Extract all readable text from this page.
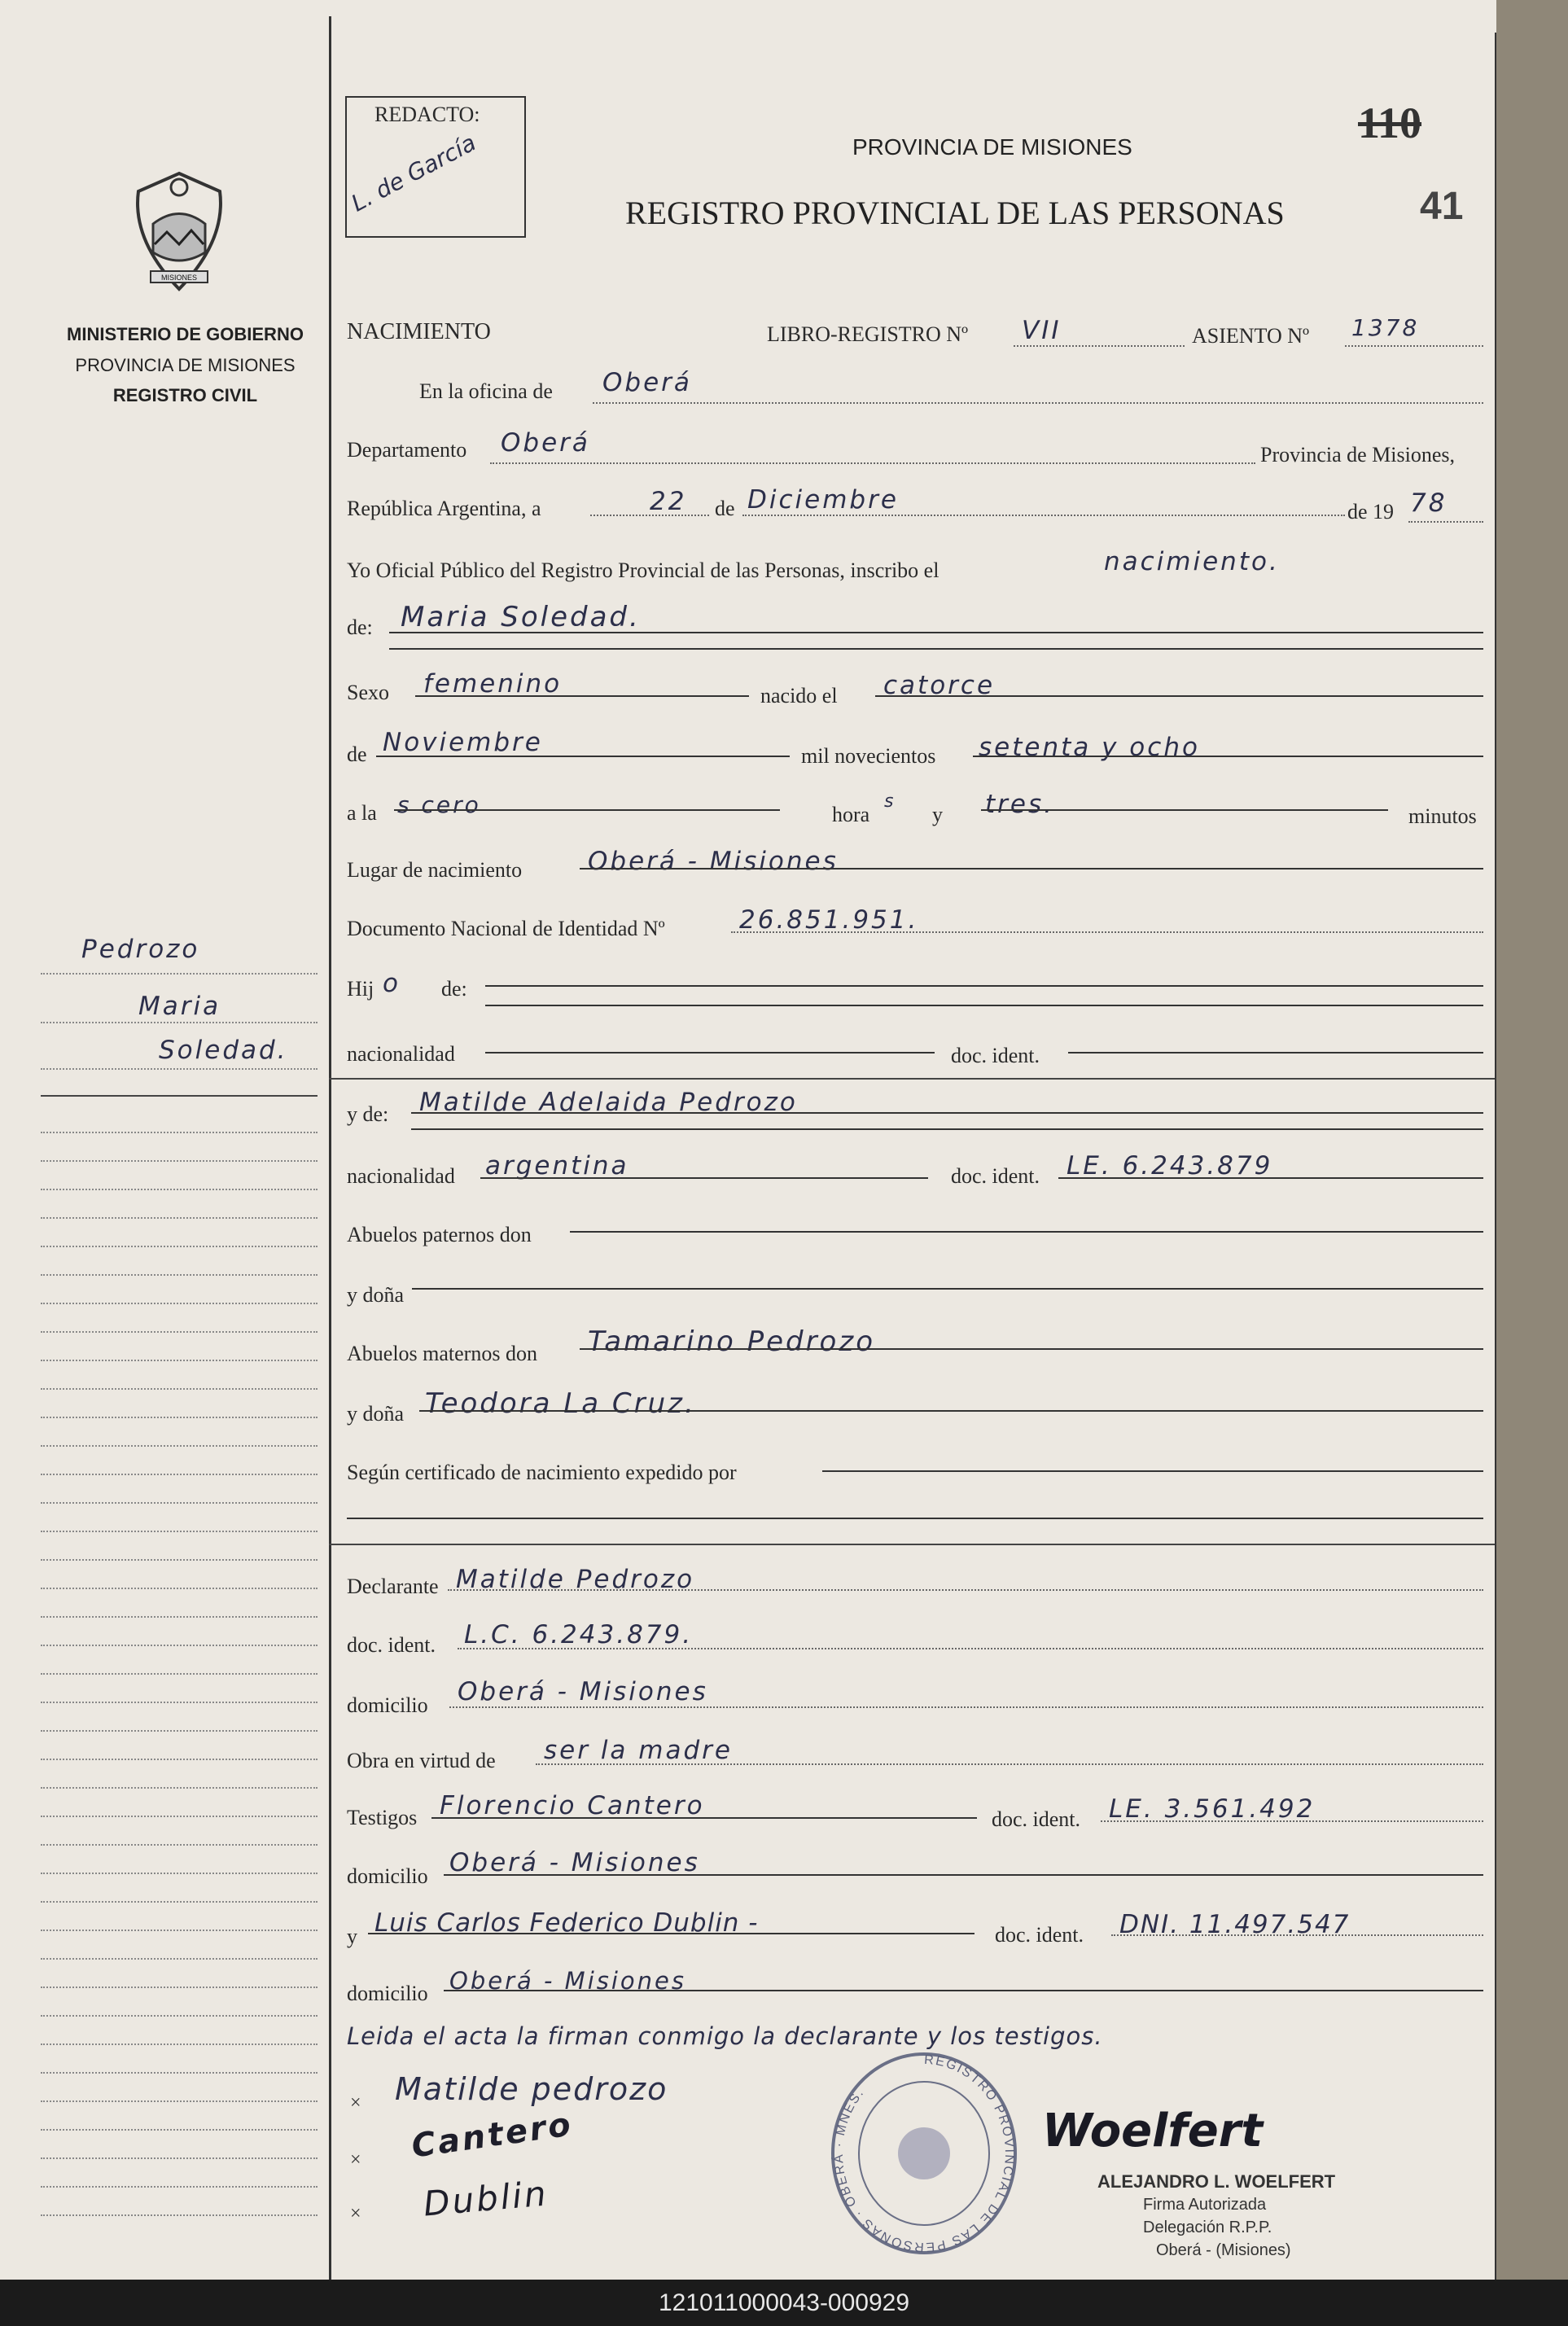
MISIONES
MINISTERIO DE GOBIERNO
PROVINCIA DE MISIONES
REGISTRO CIVIL
Pedrozo
Maria
Soledad.
REDACTO:
L. de García	PROVINCIA DE MISIONES
REGISTRO PROVINCIAL DE LAS PERSONAS
110
41
NACIMIENTO	LIBRO-REGISTRO Nº VII	ASIENTO Nº 1378
En la oficina de Oberá
Departamento Oberá	Provincia de Misiones,
República Argentina, a	22 de Diciembre	de 19 78
Yo Oficial Público del Registro Provincial de las Personas, inscribo el	nacimiento.
de: Maria Soledad.
Sexo femenino	nacido el catorce
de Noviembre	mil novecientos setenta y ocho
a la s cero	hora
s
y tres.	minutos
Lugar de nacimiento	Oberá - Misiones
Documento Nacional de Identidad Nº	26.851.951.
Hij o de:
nacionalidad	doc. ident.
y de: Matilde Adelaida Pedrozo
nacionalidad argentina	doc. ident. LE. 6.243.879
Abuelos paternos don
y doña
Abuelos maternos don Tamarino Pedrozo
y doña Teodora La Cruz.
Según certificado de nacimiento expedido por
Declarante Matilde Pedrozo
doc. ident. L.C. 6.243.879.
domicilio Oberá - Misiones
Obra en virtud de ser la madre
Testigos Florencio Cantero	doc. ident. LE. 3.561.492
domicilio Oberá - Misiones
y Luis Carlos Federico Dublin -	doc. ident. DNI. 11.497.547
domicilio Oberá - Misiones
Leida el acta la firman conmigo la declarante y los testigos.
× Matilde pedrozo
× Cantero
× Dublin
REGISTRO PROVINCIAL DE LAS PERSONAS · OBERÁ · MNES.
Woelfert
ALEJANDRO L. WOELFERT
Firma Autorizada
Delegación R.P.P.
Oberá - (Misiones)
121011000043-000929
